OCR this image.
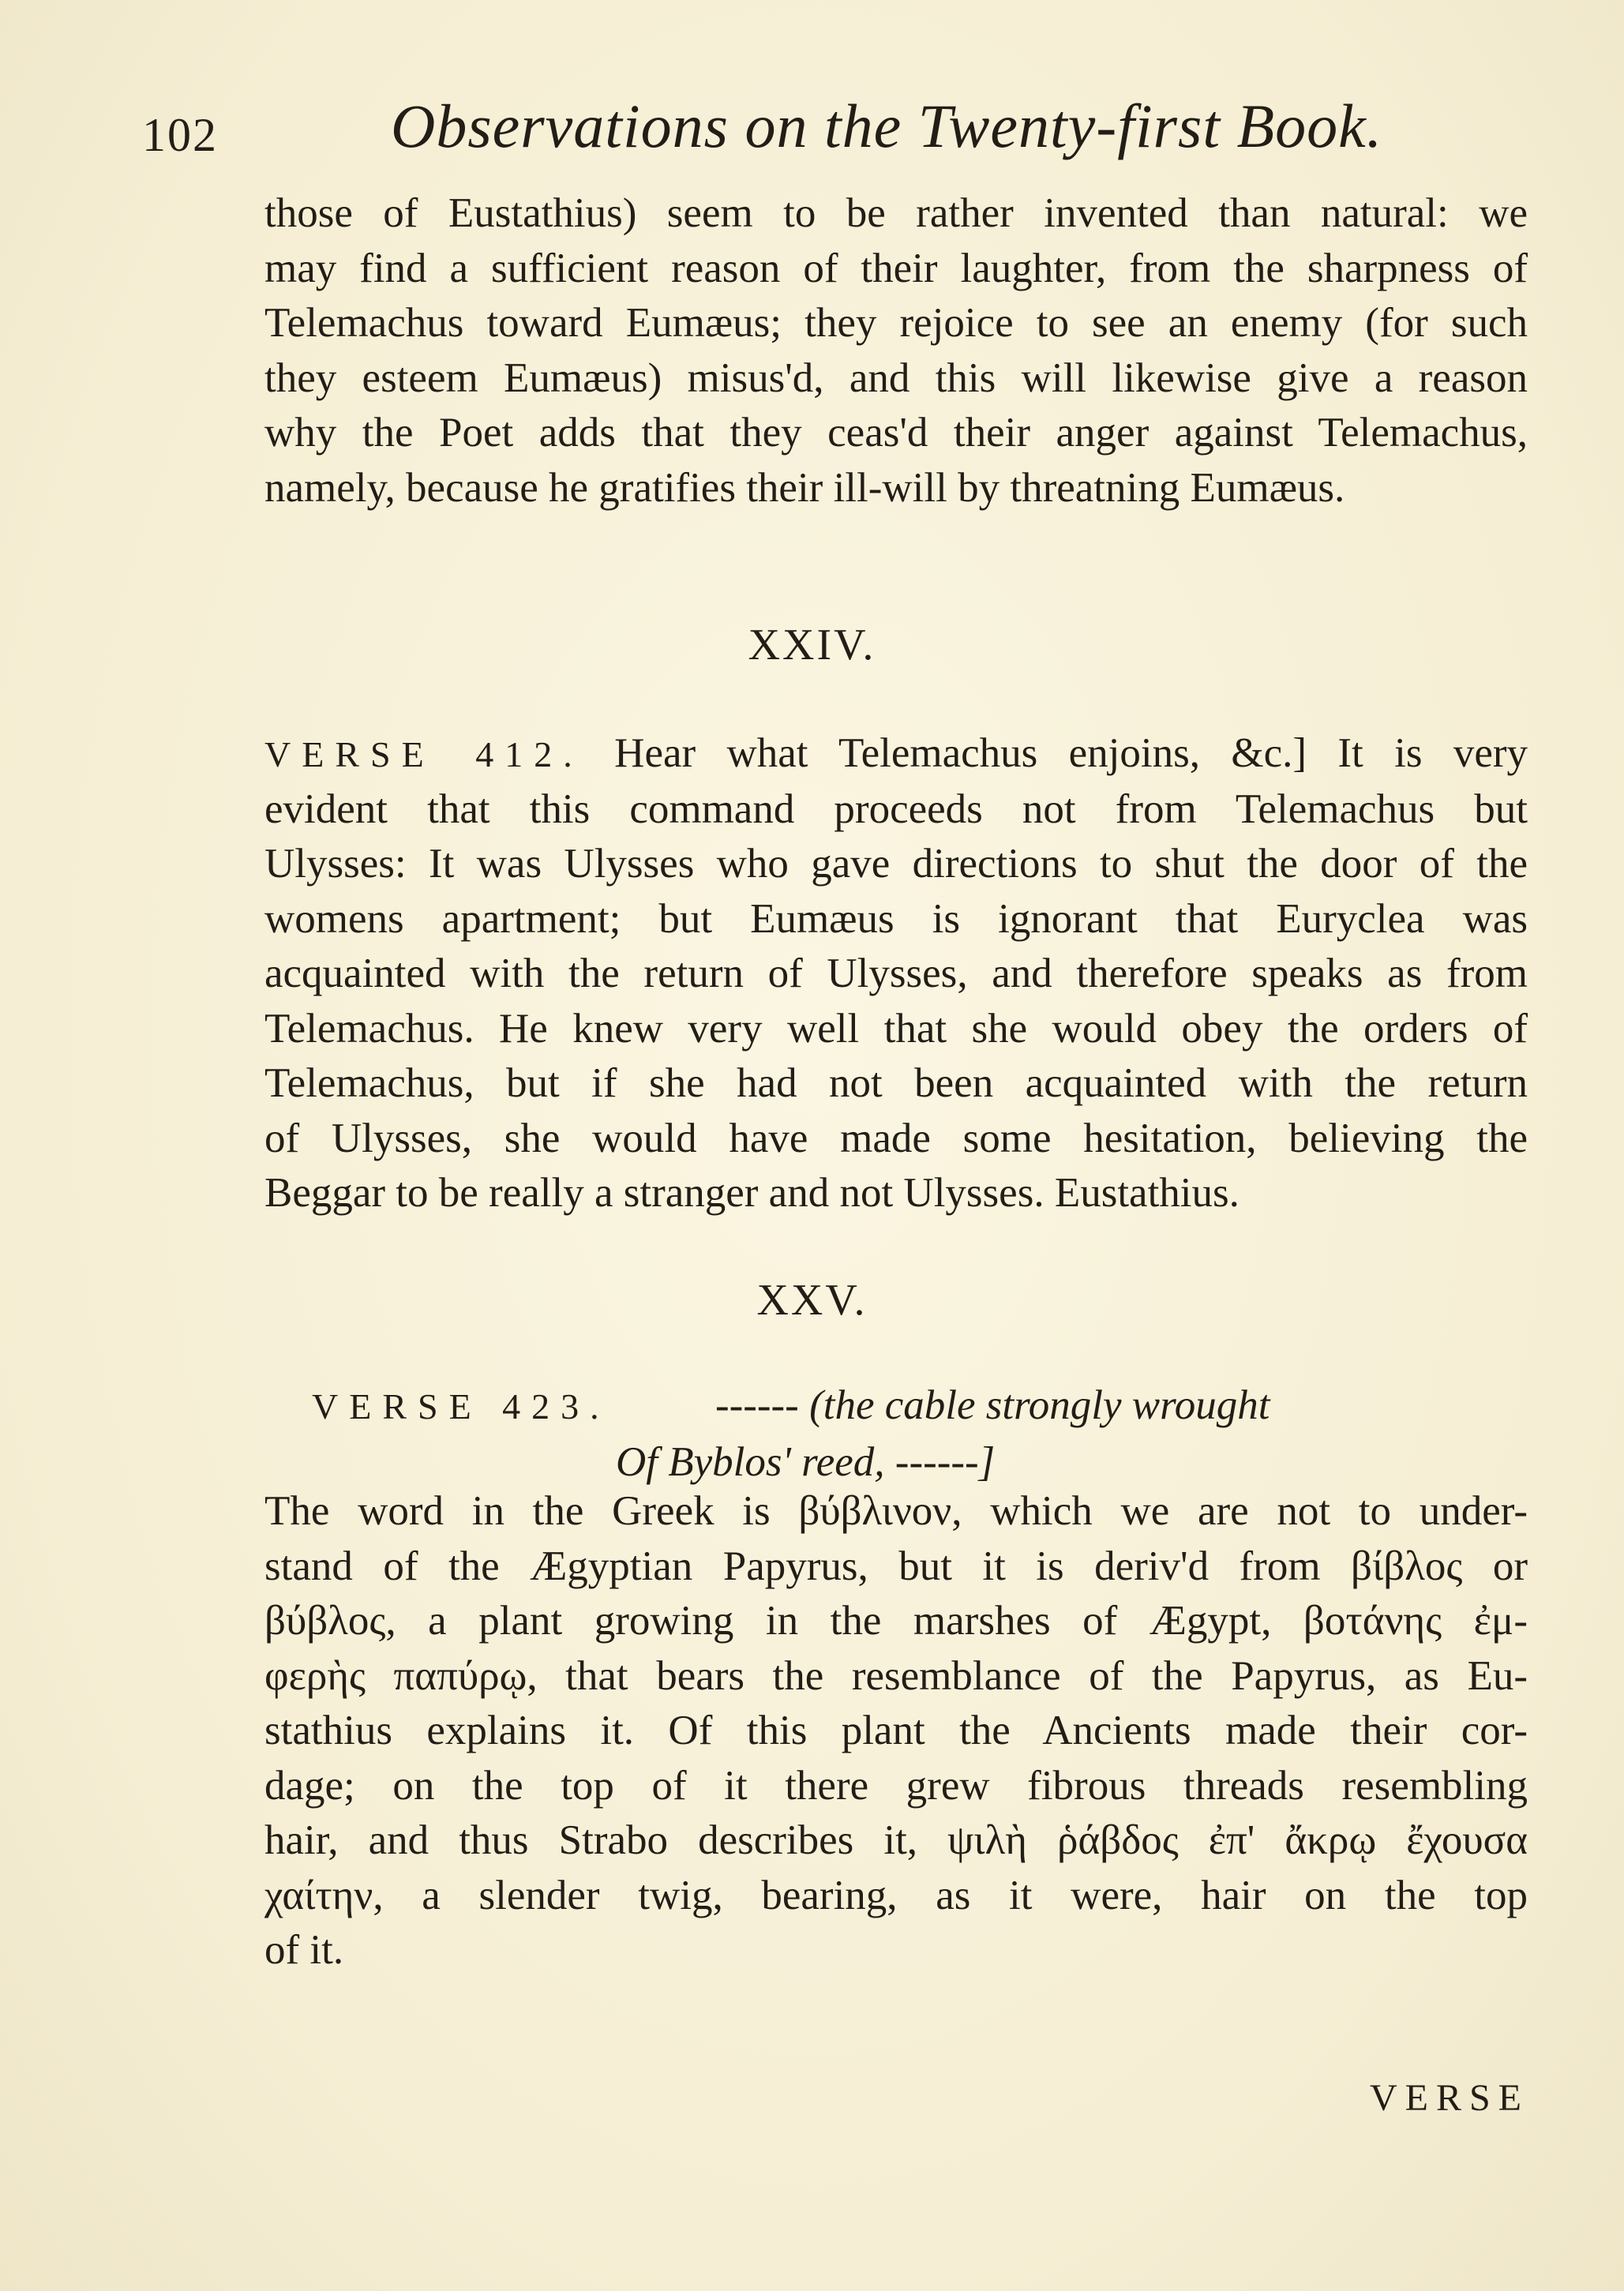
102	Observations on the Twenty-first Book.
those of Eustathius) seem to be rather invented than natural: we
may find a sufficient reason of their laughter, from the sharpness of
Telemachus toward Eumæus; they rejoice to see an enemy (for such
they esteem Eumæus) misus'd, and this will likewise give a reason
why the Poet adds that they ceas'd their anger against Telemachus,
namely, because he gratifies their ill-will by threatning Eumæus.
XXIV.
VERSE 412. Hear what Telemachus enjoins, &c.] It is very
evident that this command proceeds not from Telemachus but
Ulysses: It was Ulysses who gave directions to shut the door of the
womens apartment; but Eumæus is ignorant that Euryclea was
acquainted with the return of Ulysses, and therefore speaks as from
Telemachus. He knew very well that she would obey the orders of
Telemachus, but if she had not been acquainted with the return
of Ulysses, she would have made some hesitation, believing the
Beggar to be really a stranger and not Ulysses. Eustathius.
XXV.
VERSE 423.	------ (the cable strongly wrought
Of Byblos' reed, ------]
The word in the Greek is βύβλινον, which we are not to under-
stand of the Ægyptian Papyrus, but it is deriv'd from βίβλος or
βύβλος, a plant growing in the marshes of Ægypt, βοτάνης ἐμ-
φερὴς παπύρῳ, that bears the resemblance of the Papyrus, as Eu-
stathius explains it. Of this plant the Ancients made their cor-
dage; on the top of it there grew fibrous threads resembling
hair, and thus Strabo describes it, ψιλὴ ῥάβδος ἐπ' ἄκρῳ ἔχουσα
χαίτην, a slender twig, bearing, as it were, hair on the top
of it.
VERSE
